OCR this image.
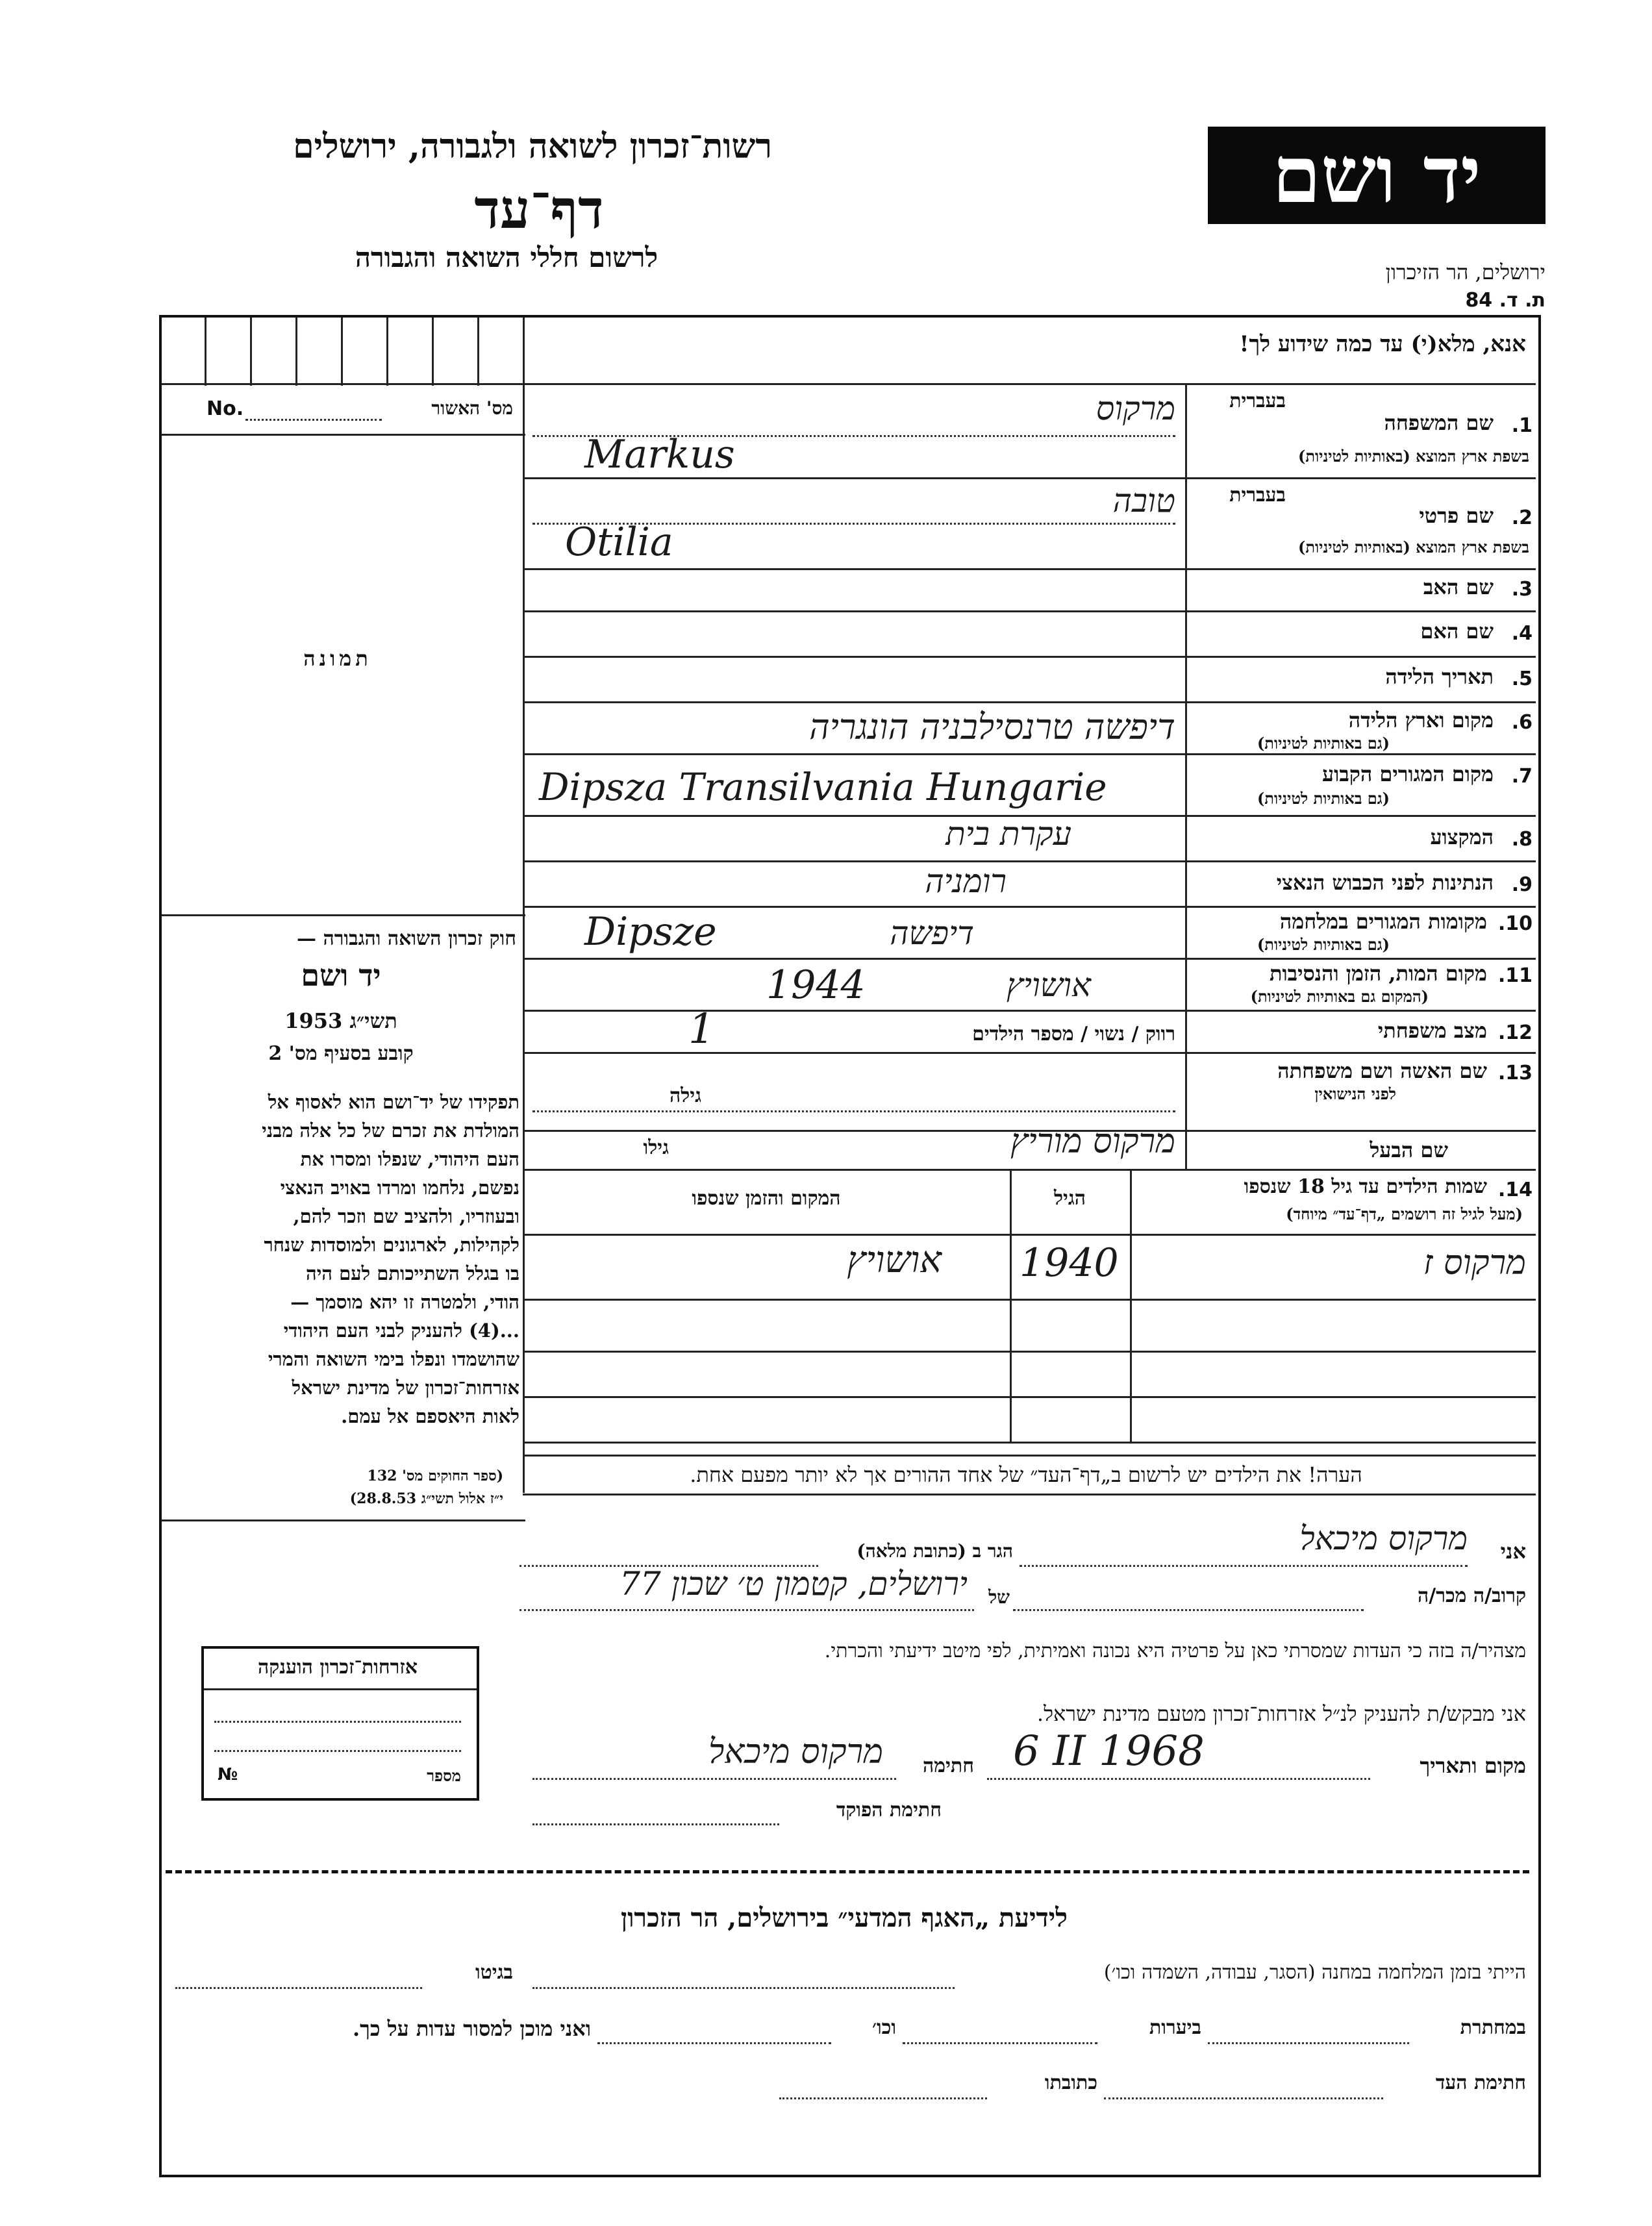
רשות־זכרון לשואה ולגבורה, ירושלים
דף־עד
לרשום חללי השואה והגבורה
יד ושם
ירושלים, הר הזיכרון
ת. ד. 84
אנא, מלא(י) עד כמה שידוע לך!
No.	מס' האשור
תמונה
חוק זכרון השואה והגבורה —
יד ושם
תשי״ג 1953
קובע בסעיף מס' 2
תפקידו של יד־ושם הוא לאסוף אל
המולדת את זכרם של כל אלה מבני
העם היהודי, שנפלו ומסרו את
נפשם, נלחמו ומרדו באויב הנאצי
ובעוזריו, ולהציב שם וזכר להם,
לקהילות, לארגונים ולמוסדות שנחר
בו בגלל השתייכותם לעם היה
הודי, ולמטרה זו יהא מוסמך —
...(4) להעניק לבני העם היהודי
שהושמדו ונפלו בימי השואה והמרי
אזרחות־זכרון של מדינת ישראל
לאות היאספם אל עמם.
(ספר החוקים מס' 132
י״ז אלול תשי״ג 28.8.53)
בעברית
1.
שם המשפחה
בשפת ארץ המוצא (באותיות לטיניות)
מרקוס
Markus
בעברית
2.
שם פרטי
בשפת ארץ המוצא (באותיות לטיניות)
טובה
Otilia
3.
שם האב
4.
שם האם
5.
תאריך הלידה
6.
מקום וארץ הלידה
(גם באותיות לטיניות)
דיפשה טרנסילבניה הונגריה
7.
מקום המגורים הקבוע
(גם באותיות לטיניות)
Dipsza Transilvania Hungarie
8.
המקצוע
עקרת בית
9.
הנתינות לפני הכבוש הנאצי
רומניה
10.
מקומות המגורים במלחמה
(גם באותיות לטיניות)
דיפשה
Dipsze
11.
מקום המות, הזמן והנסיבות
(המקום גם באותיות לטיניות)
אושויץ
1944
12.
מצב משפחתי
רווק / נשוי / מספר הילדים
1
13.
שם האשה ושם משפחתה
לפני הנישואין
גילה
שם הבעל
גילו	מרקוס מוריץ
14.
שמות הילדים עד גיל 18 שנספו
(מעל לגיל זה רושמים „דף־עד״ מיוחד)
הגיל
המקום והזמן שנספו
מרקוס ז
1940
אושויץ
הערה! את הילדים יש לרשום ב„דף־העד״ של אחד ההורים אך לא יותר מפעם אחת.
אני
מרקוס מיכאל
הגר ב (כתובת מלאה)
קרוב/ה מכר/ה
של
ירושלים, קטמון ט׳ שכון 77
מצהיר/ה בזה כי העדות שמסרתי כאן על פרטיה היא נכונה ואמיתית, לפי מיטב ידיעתי והכרתי.
אני מבקש/ת להעניק לנ״ל אזרחות־זכרון מטעם מדינת ישראל.
מקום ותאריך
6 II 1968
חתימה
מרקוס מיכאל
חתימת הפוקד
אזרחות־זכרון הוענקה
מספר
№
לידיעת „האגף המדעי״ בירושלים, הר הזכרון
הייתי בזמן המלחמה במחנה (הסגר, עבודה, השמדה וכו׳)
בגיטו
במחתרת
ביערות
וכו׳
ואני מוכן למסור עדות על כך.
חתימת העד
כתובתו
